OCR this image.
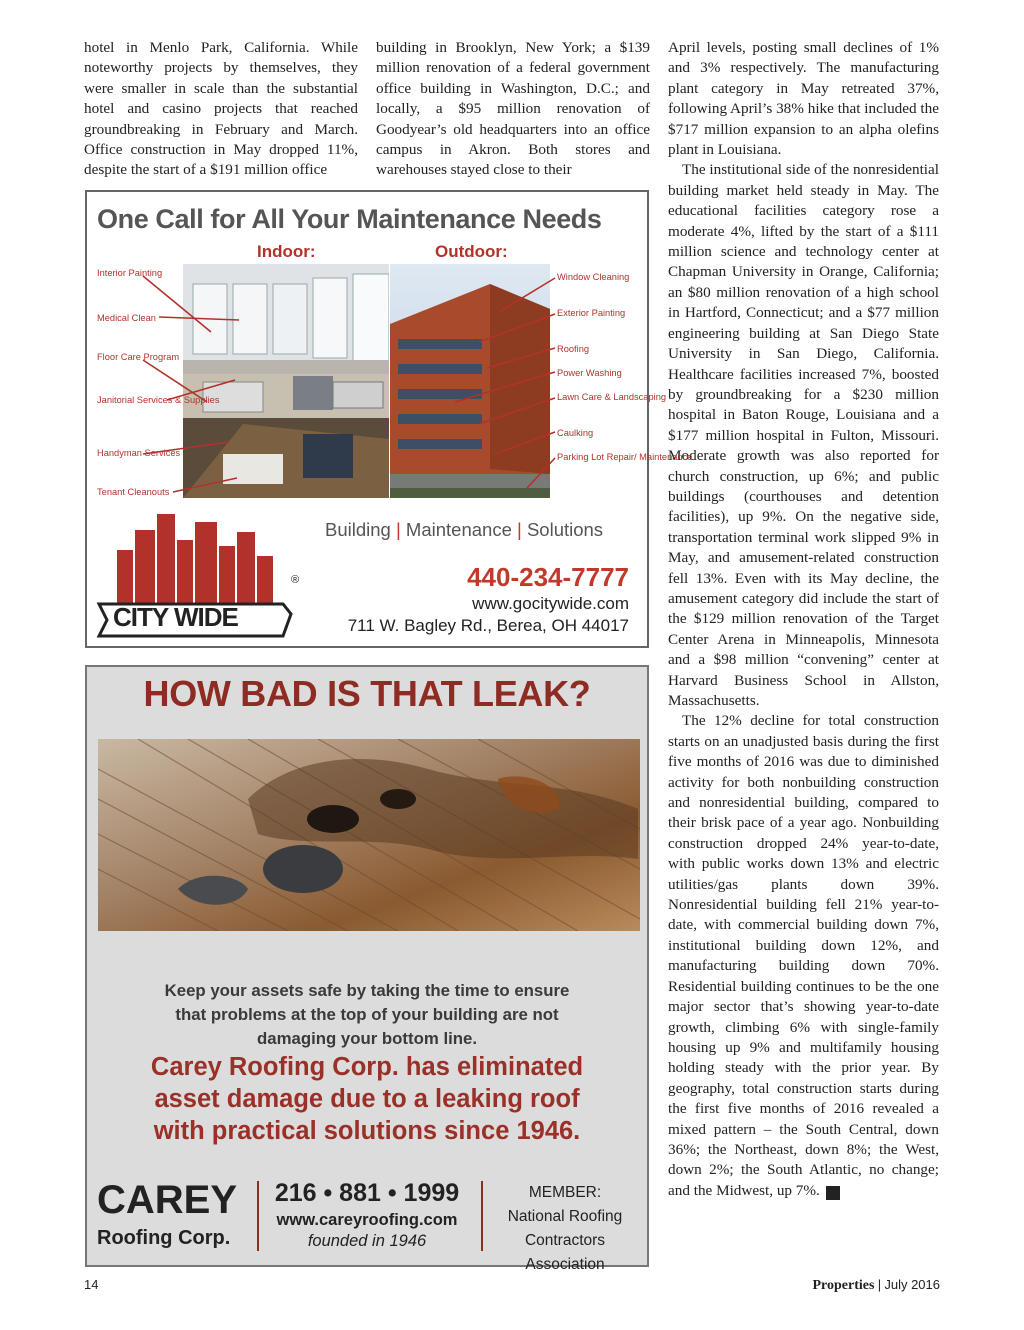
hotel in Menlo Park, California. While noteworthy projects by themselves, they were smaller in scale than the substantial hotel and casino projects that reached groundbreaking in February and March. Office construction in May dropped 11%, despite the start of a $191 million office

building in Brooklyn, New York; a $139 million renovation of a federal government office building in Washington, D.C.; and locally, a $95 million renovation of Goodyear’s old headquarters into an office campus in Akron. Both stores and warehouses stayed close to their

April levels, posting small declines of 1% and 3% respectively. The manufacturing plant category in May retreated 37%, following April’s 38% hike that included the $717 million expansion to an alpha olefins plant in Louisiana.

The institutional side of the nonresidential building market held steady in May. The educational facilities category rose a moderate 4%, lifted by the start of a $111 million science and technology center at Chapman University in Orange, California; an $80 million renovation of a high school in Hartford, Connecticut; and a $77 million engineering building at San Diego State University in San Diego, California. Healthcare facilities increased 7%, boosted by groundbreaking for a $230 million hospital in Baton Rouge, Louisiana and a $177 million hospital in Fulton, Missouri. Moderate growth was also reported for church construction, up 6%; and public buildings (courthouses and detention facilities), up 9%. On the negative side, transportation terminal work slipped 9% in May, and amusement-related construction fell 13%. Even with its May decline, the amusement category did include the start of the $129 million renovation of the Target Center Arena in Minneapolis, Minnesota and a $98 million “convening” center at Harvard Business School in Allston, Massachusetts.

The 12% decline for total construction starts on an unadjusted basis during the first five months of 2016 was due to diminished activity for both nonbuilding construction and nonresidential building, compared to their brisk pace of a year ago. Nonbuilding construction dropped 24% year-to-date, with public works down 13% and electric utilities/gas plants down 39%. Nonresidential building fell 21% year-to-date, with commercial building down 7%, institutional building down 12%, and manufacturing building down 70%. Residential building continues to be the one major sector that’s showing year-to-date growth, climbing 6% with single-family housing up 9% and multifamily housing holding steady with the prior year. By geography, total construction starts during the first five months of 2016 revealed a mixed pattern – the South Central, down 36%; the Northeast, down 8%; the West, down 2%; the South Atlantic, no change; and the Midwest, up 7%. P

One Call for All Your Maintenance Needs
Indoor:	Outdoor:
Interior Painting
Medical Clean
Floor Care Program
Janitorial Services & Supplies
Handyman Services
Tenant Cleanouts
Window Cleaning
Exterior Painting
Roofing
Power Washing
Lawn Care & Landscaping
Caulking
Parking Lot Repair/ Maintenance
Building | Maintenance | Solutions
CITY WIDE
®	440-234-7777
www.gocitywide.com
711 W. Bagley Rd., Berea, OH 44017
HOW BAD IS THAT LEAK?
Keep your assets safe by taking the time to ensure that problems at the top of your building are not damaging your bottom line.
Carey Roofing Corp. has eliminated asset damage due to a leaking roof with practical solutions since 1946.
CAREY
Roofing Corp.
216 • 881 • 1999
www.careyroofing.com
founded in 1946
MEMBER:
National Roofing
Contractors Association
14	Properties | July 2016
